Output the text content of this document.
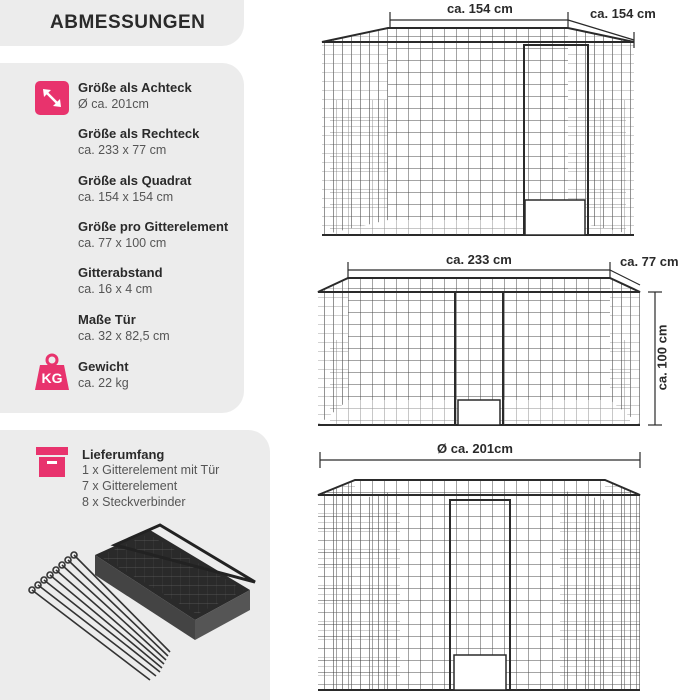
ABMESSUNGEN
Größe als Achteck
Ø ca. 201cm
Größe als Rechteck
ca. 233 x 77 cm
Größe als Quadrat
ca. 154 x 154 cm
Größe pro Gitterelement
ca. 77 x 100 cm
Gitterabstand
ca. 16 x 4 cm
Maße Tür
ca. 32 x 82,5 cm
KG
Gewicht
ca. 22 kg
Lieferumfang
1 x Gitterelement mit Tür
7 x Gitterelement
8 x Steckverbinder
ca. 154 cm	ca. 154 cm
ca. 233 cm	ca. 77 cm
ca. 100 cm
Ø ca. 201cm
